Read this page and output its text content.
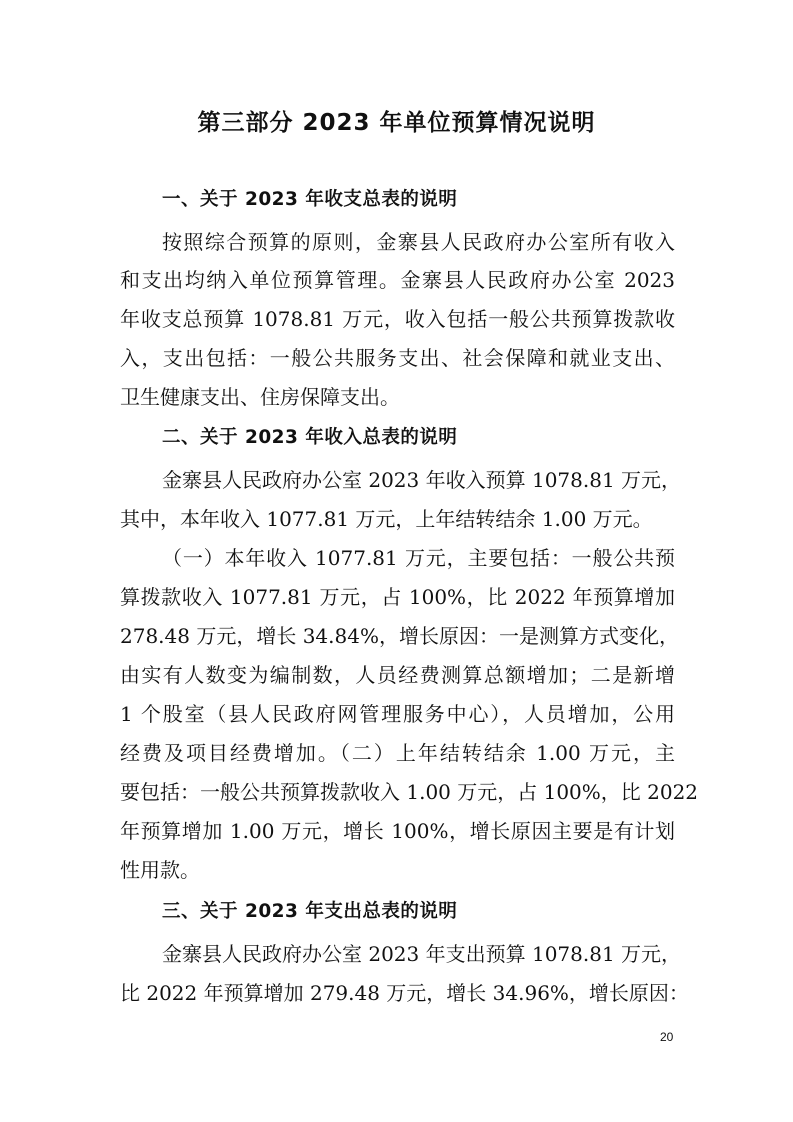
第三部分 2023 年单位预算情况说明

一、关于 2023 年收支总表的说明

按照综合预算的原则，金寨县人民政府办公室所有收入

和支出均纳入单位预算管理。金寨县人民政府办公室 2023

年收支总预算 1078.81 万元，收入包括一般公共预算拨款收

入，支出包括：一般公共服务支出、社会保障和就业支出、

卫生健康支出、住房保障支出。

二、关于 2023 年收入总表的说明

金寨县人民政府办公室 2023 年收入预算 1078.81 万元，

其中，本年收入 1077.81 万元，上年结转结余 1.00 万元。

（一）本年收入 1077.81 万元，主要包括：一般公共预

算拨款收入 1077.81 万元，占 100%，比 2022 年预算增加

278.48 万元，增长 34.84%，增长原因：一是测算方式变化，

由实有人数变为编制数，人员经费测算总额增加；二是新增

1 个股室（县人民政府网管理服务中心），人员增加，公用

经费及项目经费增加。（二）上年结转结余 1.00 万元，主

要包括：一般公共预算拨款收入 1.00 万元，占 100%，比 2022

年预算增加 1.00 万元，增长 100%，增长原因主要是有计划

性用款。

三、关于 2023 年支出总表的说明

金寨县人民政府办公室 2023 年支出预算 1078.81 万元，

比 2022 年预算增加 279.48 万元，增长 34.96%，增长原因：

20
